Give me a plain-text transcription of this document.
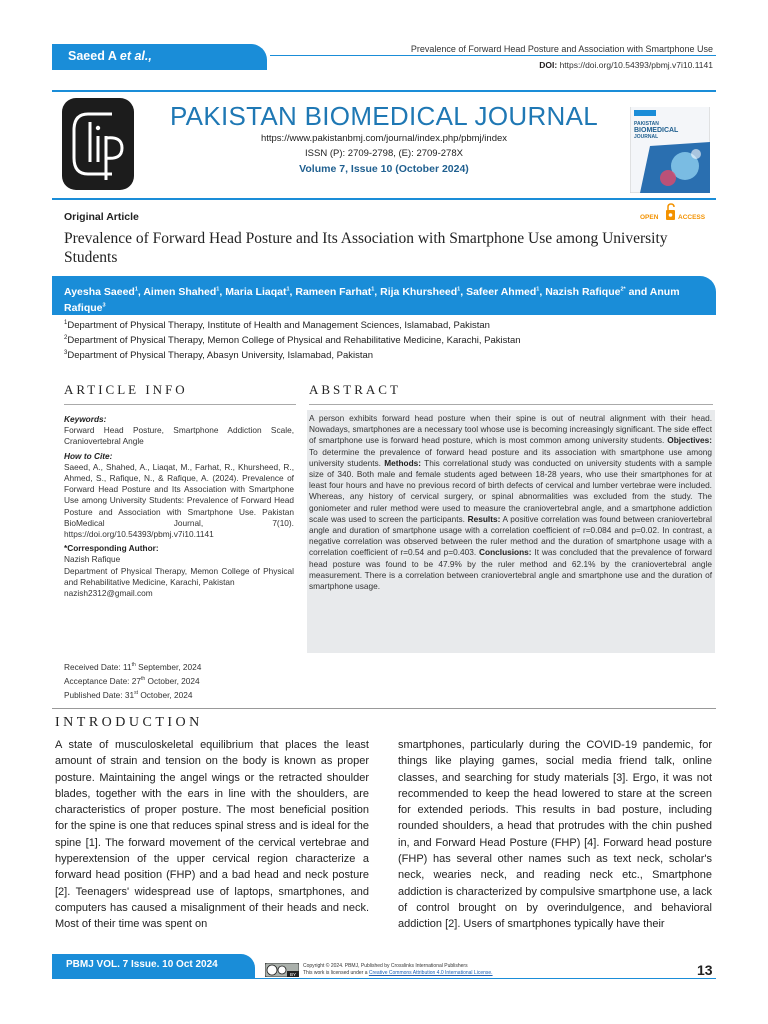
Saeed A et al.,	Prevalence of Forward Head Posture and Association with Smartphone Use
DOI: https://doi.org/10.54393/pbmj.v7i10.1141
PAKISTAN BIOMEDICAL JOURNAL
https://www.pakistanbmj.com/journal/index.php/pbmj/index
ISSN (P): 2709-2798, (E): 2709-278X
Volume 7, Issue 10 (October 2024)
PAKISTAN
BIOMEDICAL
JOURNAL
Original Article	OPEN	ACCESS
Prevalence of Forward Head Posture and Its Association with Smartphone Use among University Students
Ayesha Saeed$^1$, Aimen Shahed$^1$, Maria Liaqat$^1$, Rameen Farhat$^1$, Rija Khursheed$^1$, Safeer Ahmed$^1$, Nazish Rafique$^{2*}$ and Anum Rafique$^3$
$^1$Department of Physical Therapy, Institute of Health and Management Sciences, Islamabad, Pakistan
$^2$Department of Physical Therapy, Memon College of Physical and Rehabilitative Medicine, Karachi, Pakistan
$^3$Department of Physical Therapy, Abasyn University, Islamabad, Pakistan
ARTICLE INFO
Keywords:
Forward Head Posture, Smartphone Addiction Scale, Craniovertebral Angle
How to Cite:
Saeed, A., Shahed, A., Liaqat, M., Farhat, R., Khursheed, R., Ahmed, S., Rafique, N., & Rafique, A. (2024). Prevalence of Forward Head Posture and Its Association with Smartphone Use among University Students: Prevalence of Forward Head Posture and Association with Smartphone Use. Pakistan BioMedical Journal, 7(10). https://doi.org/10.54393/pbmj.v7i10.1141
*Corresponding Author:
Nazish Rafique
Department of Physical Therapy, Memon College of Physical and Rehabilitative Medicine, Karachi, Pakistan
nazish2312@gmail.com
Received Date: 11th September, 2024
Acceptance Date: 27th October, 2024
Published Date: 31st October, 2024
ABSTRACT
A person exhibits forward head posture when their spine is out of neutral alignment with their head. Nowadays, smartphones are a necessary tool whose use is becoming increasingly significant. The side effect of smartphone use is forward head posture, which is most common among university students. Objectives: To determine the prevalence of forward head posture and its association with smartphone use among university students. Methods: This correlational study was conducted on university students with a sample size of 340. Both male and female students aged between 18-28 years, who use their smartphones for at least four hours and have no previous record of birth defects of cervical and lumber vertebrae were included. Whereas, any history of cervical surgery, or spinal abnormalities was excluded from the study. The goniometer and ruler method were used to measure the craniovertebral angle, and a smartphone addiction scale was used to screen the participants. Results: A positive correlation was found between craniovertebral angle and duration of smartphone usage with a correlation coefficient of r=0.084 and p=0.02. In contrast, a negative correlation was observed between the ruler method and the duration of smartphone usage with a correlation coefficient of r=0.54 and p=0.403. Conclusions: It was concluded that the prevalence of forward head posture was found to be 47.9% by the ruler method and 62.1% by the craniovertebral angle measurement. There is a correlation between craniovertebral angle and smartphone use and the duration of smartphone usage.
INTRODUCTION
A state of musculoskeletal equilibrium that places the least amount of strain and tension on the body is known as proper posture. Maintaining the angel wings or the retracted shoulder blades, together with the ears in line with the shoulders, are characteristics of proper posture. The most beneficial position for the spine is one that reduces spinal stress and is ideal for the spine [1]. The forward movement of the cervical vertebrae and hyperextension of the upper cervical region characterize a forward head position (FHP) and a bad head and neck posture [2]. Teenagers' widespread use of laptops, smartphones, and computers has caused a misalignment of their heads and neck. Most of their time was spent on
smartphones, particularly during the COVID-19 pandemic, for things like playing games, social media friend talk, online classes, and searching for study materials [3]. Ergo, it was not recommended to keep the head lowered to stare at the screen for extended periods. This results in bad posture, including rounded shoulders, a head that protrudes with the chin pushed in, and Forward Head Posture (FHP) [4]. Forward head posture (FHP) has several other names such as text neck, scholar's neck, wearies neck, and reading neck etc., Smartphone addiction is characterized by compulsive smartphone use, a lack of control brought on by overindulgence, and behavioral addiction [2]. Users of smartphones typically have their
PBMJ VOL. 7 Issue. 10 Oct 2024
BY
Copyright © 2024. PBMJ, Published by Crosslinks International Publishers
This work is licensed under a Creative Commons Attribution 4.0 International License.	13
